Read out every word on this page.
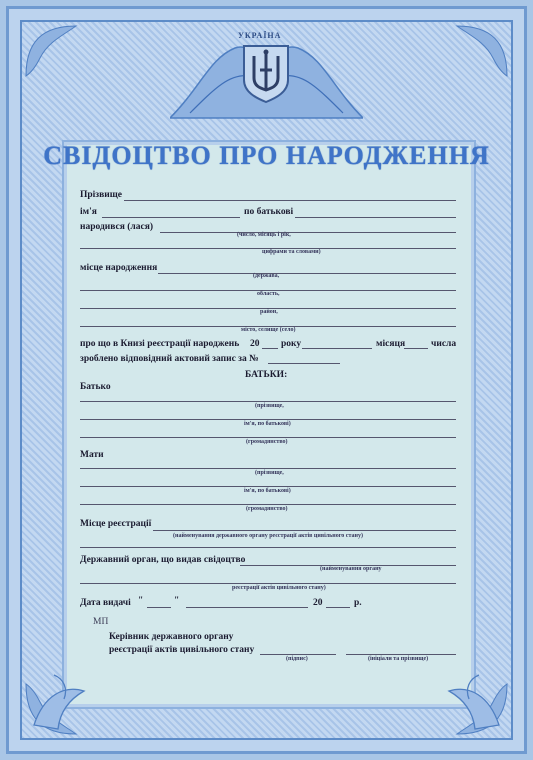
УКРАЇНА
СВІДОЦТВО ПРО НАРОДЖЕННЯ
Прізвище
ім'я	по батькові
народився (лася)
(число, місяць і рік,
цифрами та словами)
місце народження
(держава,
область,
район,
місто, селище (село)
про що в Книзі реєстрації народжень 20 року	місяця	числа
зроблено відповідний актовий запис за №
БАТЬКИ:
Батько
(прізвище,
ім'я, по батькові)
(громадянство)
Мати
(прізвище,
ім'я, по батькові)
(громадянство)
Місце реєстрації
(найменування державного органу реєстрації актів цивільного стану)
Державний орган, що видав свідоцтво
(найменування органу
реєстрації актів цивільного стану)
Дата видачі "	"	20	р.
МП
Керівник державного органу
реєстрації актів цивільного стану
(підпис)	(ініціали та прізвище)
